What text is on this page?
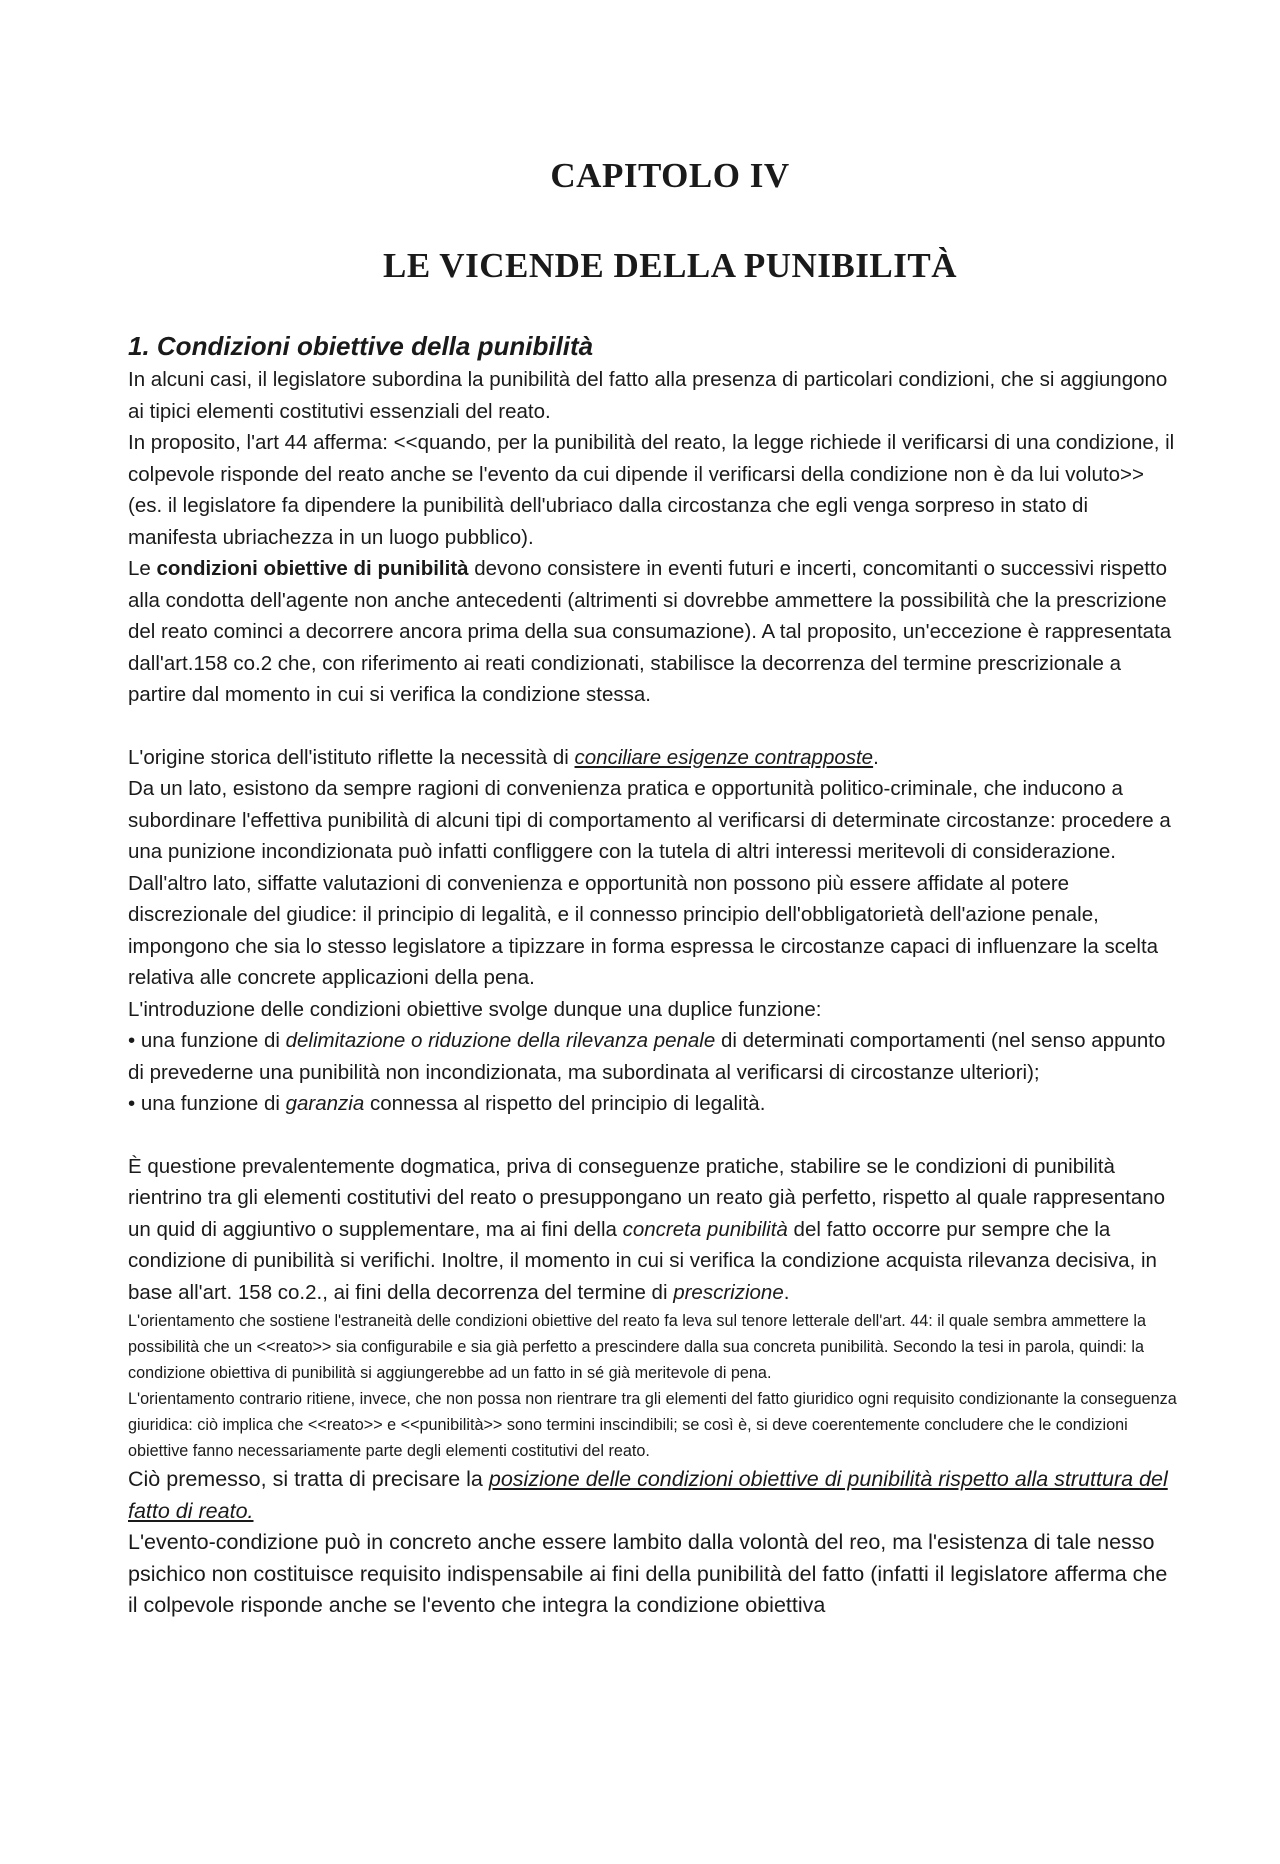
CAPITOLO IV
LE VICENDE DELLA PUNIBILITÀ
1. Condizioni obiettive della punibilità

In alcuni casi, il legislatore subordina la punibilità del fatto alla presenza di particolari condizioni, che si aggiungono ai tipici elementi costitutivi essenziali del reato.

In proposito, l'art 44 afferma: <<quando, per la punibilità del reato, la legge richiede il verificarsi di una condizione, il colpevole risponde del reato anche se l'evento da cui dipende il verificarsi della condizione non è da lui voluto>> (es. il legislatore fa dipendere la punibilità dell'ubriaco dalla circostanza che egli venga sorpreso in stato di manifesta ubriachezza in un luogo pubblico).

Le condizioni obiettive di punibilità devono consistere in eventi futuri e incerti, concomitanti o successivi rispetto alla condotta dell'agente non anche antecedenti (altrimenti si dovrebbe ammettere la possibilità che la prescrizione del reato cominci a decorrere ancora prima della sua consumazione). A tal proposito, un'eccezione è rappresentata dall'art.158 co.2 che, con riferimento ai reati condizionati, stabilisce la decorrenza del termine prescrizionale a partire dal momento in cui si verifica la condizione stessa.

L'origine storica dell'istituto riflette la necessità di conciliare esigenze contrapposte.

Da un lato, esistono da sempre ragioni di convenienza pratica e opportunità politico-criminale, che inducono a subordinare l'effettiva punibilità di alcuni tipi di comportamento al verificarsi di determinate circostanze: procedere a una punizione incondizionata può infatti confliggere con la tutela di altri interessi meritevoli di considerazione.

Dall'altro lato, siffatte valutazioni di convenienza e opportunità non possono più essere affidate al potere discrezionale del giudice: il principio di legalità, e il connesso principio dell'obbligatorietà dell'azione penale, impongono che sia lo stesso legislatore a tipizzare in forma espressa le circostanze capaci di influenzare la scelta relativa alle concrete applicazioni della pena.

L'introduzione delle condizioni obiettive svolge dunque una duplice funzione:

• una funzione di delimitazione o riduzione della rilevanza penale di determinati comportamenti (nel senso appunto di prevederne una punibilità non incondizionata, ma subordinata al verificarsi di circostanze ulteriori);

• una funzione di garanzia connessa al rispetto del principio di legalità.

È questione prevalentemente dogmatica, priva di conseguenze pratiche, stabilire se le condizioni di punibilità rientrino tra gli elementi costitutivi del reato o presuppongano un reato già perfetto, rispetto al quale rappresentano un quid di aggiuntivo o supplementare, ma ai fini della concreta punibilità del fatto occorre pur sempre che la condizione di punibilità si verifichi. Inoltre, il momento in cui si verifica la condizione acquista rilevanza decisiva, in base all'art. 158 co.2., ai fini della decorrenza del termine di prescrizione.

L'orientamento che sostiene l'estraneità delle condizioni obiettive del reato fa leva sul tenore letterale dell'art. 44: il quale sembra ammettere la possibilità che un <<reato>> sia configurabile e sia già perfetto a prescindere dalla sua concreta punibilità. Secondo la tesi in parola, quindi: la condizione obiettiva di punibilità si aggiungerebbe ad un fatto in sé già meritevole di pena.

L'orientamento contrario ritiene, invece, che non possa non rientrare tra gli elementi del fatto giuridico ogni requisito condizionante la conseguenza giuridica: ciò implica che <<reato>> e <<punibilità>> sono termini inscindibili; se così è, si deve coerentemente concludere che le condizioni obiettive fanno necessariamente parte degli elementi costitutivi del reato.

Ciò premesso, si tratta di precisare la posizione delle condizioni obiettive di punibilità rispetto alla struttura del fatto di reato.

L'evento-condizione può in concreto anche essere lambito dalla volontà del reo, ma l'esistenza di tale nesso psichico non costituisce requisito indispensabile ai fini della punibilità del fatto (infatti il legislatore afferma che il colpevole risponde anche se l'evento che integra la condizione obiettiva
